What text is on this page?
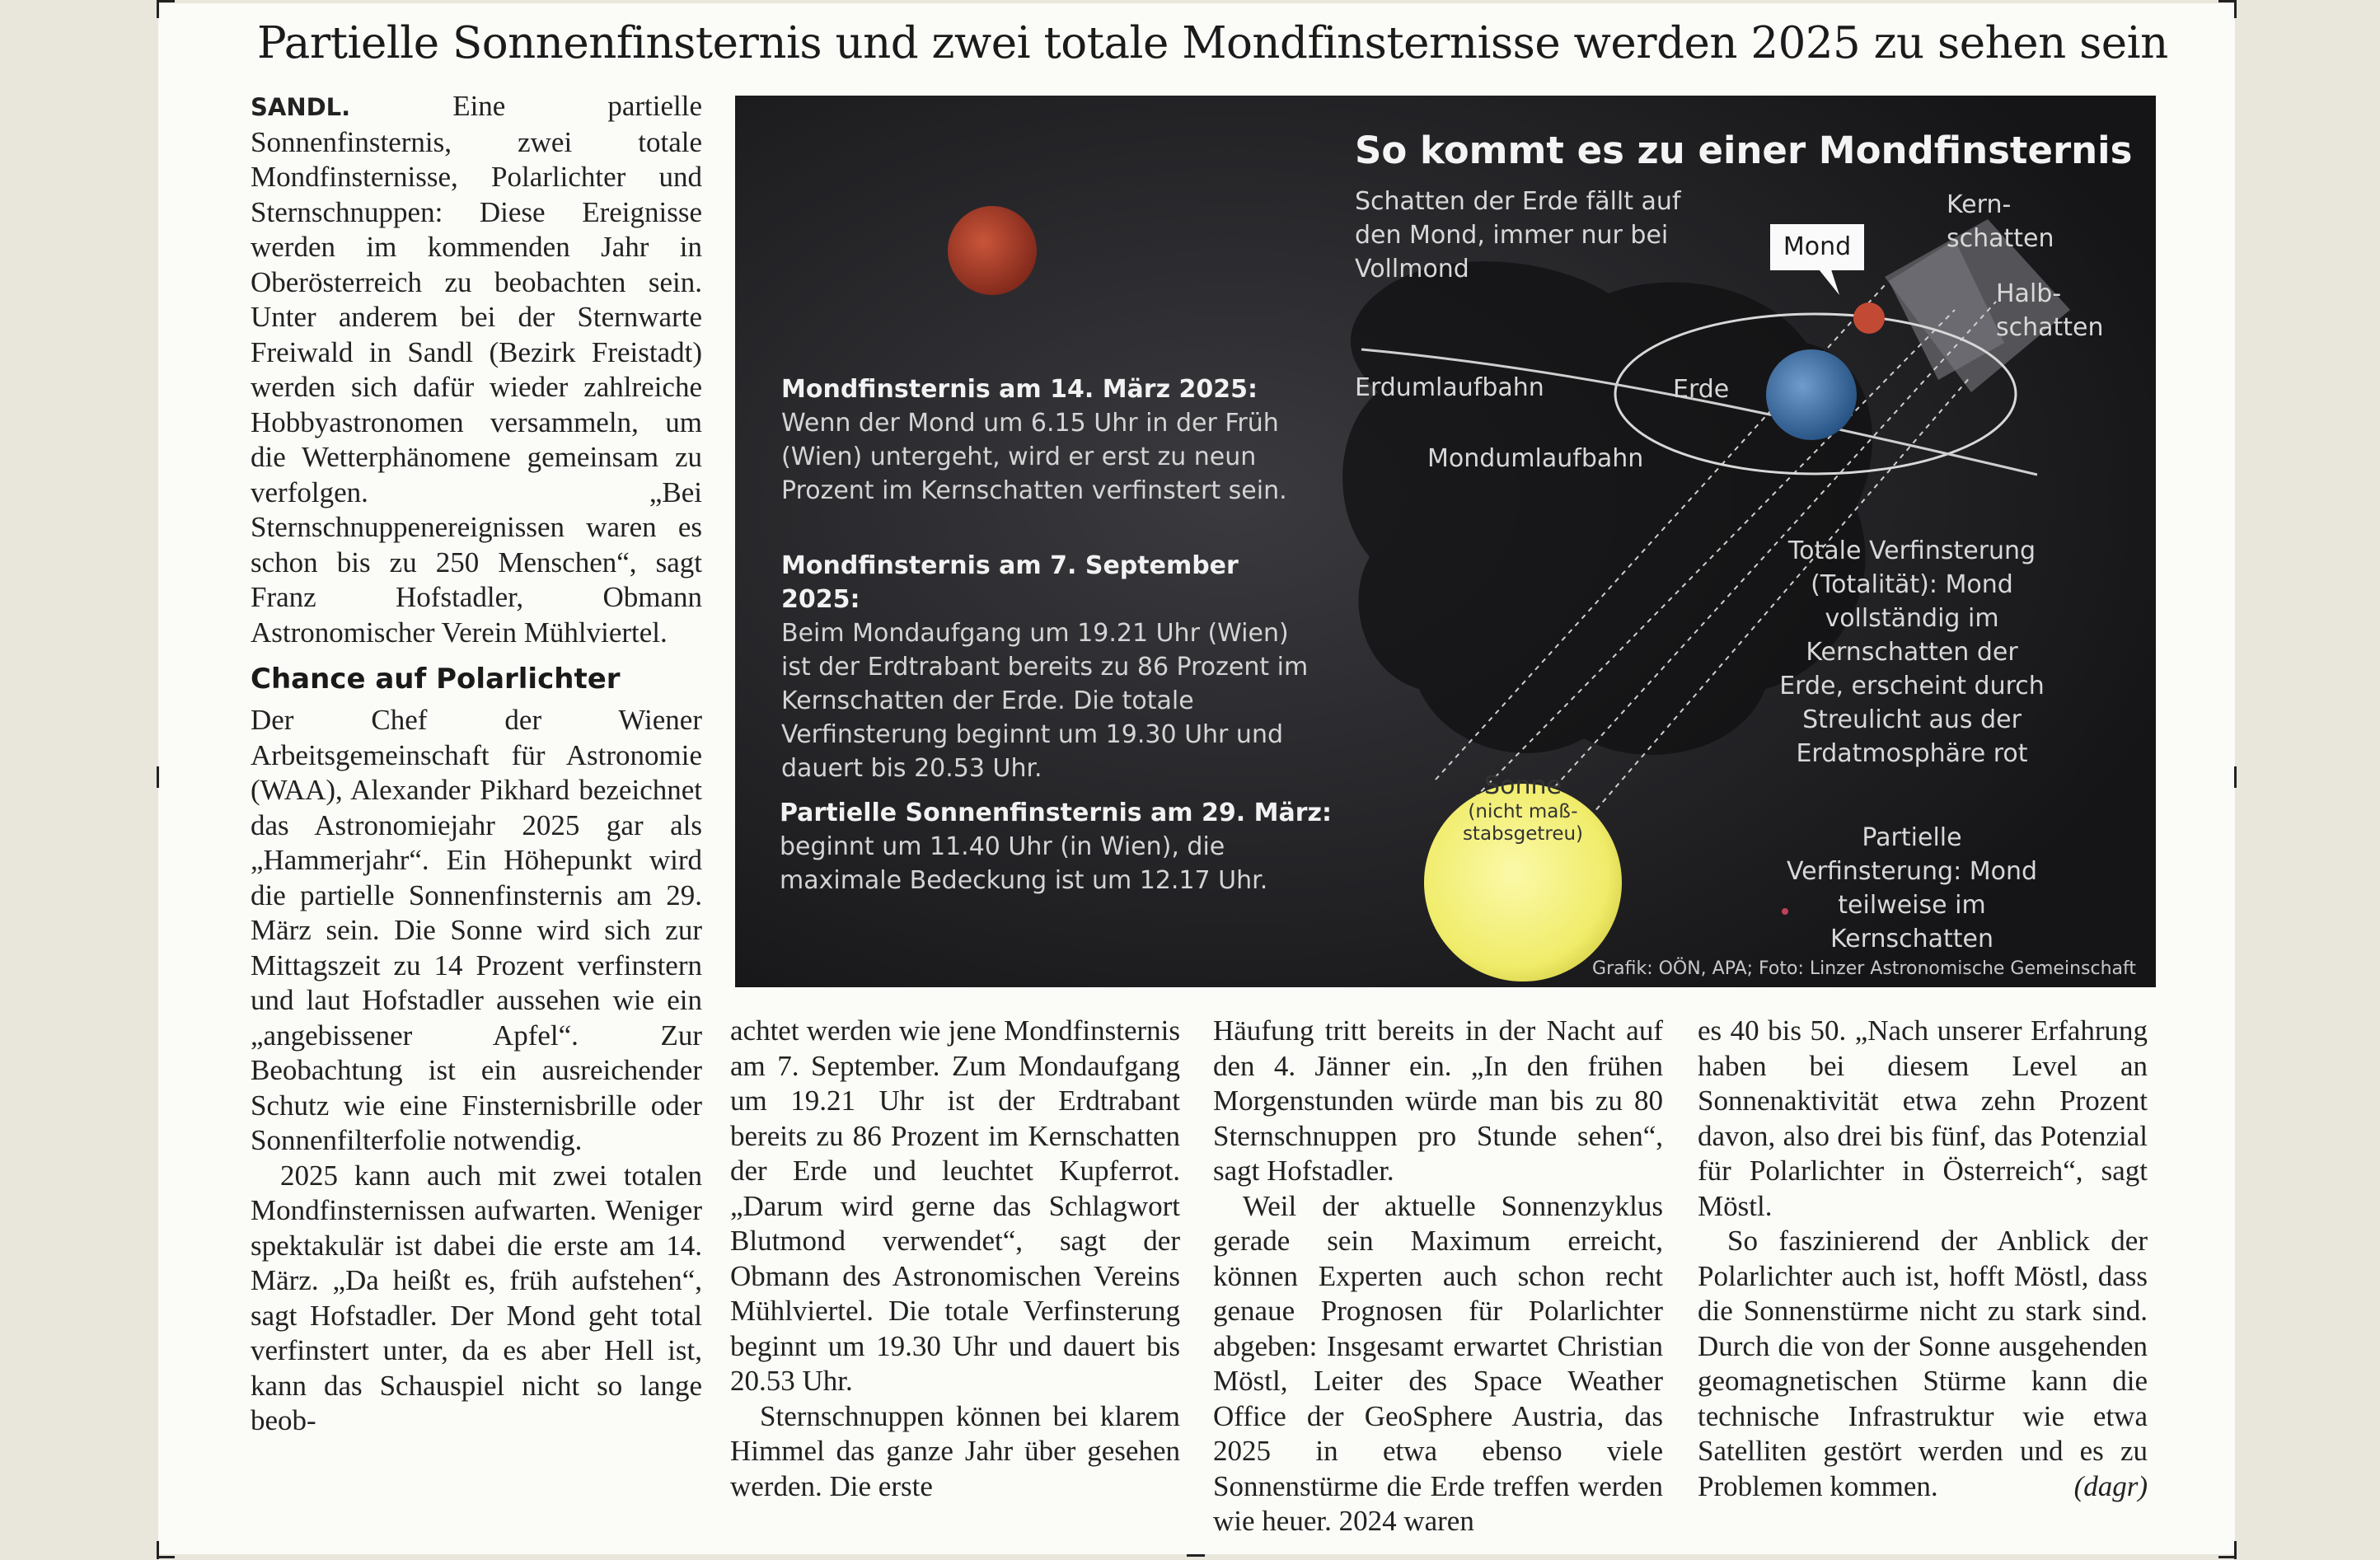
Partielle Sonnenfinsternis und zwei totale Mondfinsternisse werden 2025 zu sehen sein

SANDL.	Eine partielle Sonnenfinsternis, zwei totale Mondfinsternisse, Polarlichter und Sternschnuppen: Diese Ereignisse werden im kommenden Jahr in Oberösterreich zu beobachten sein. Unter anderem bei der Sternwarte Freiwald in Sandl (Bezirk Freistadt) werden sich dafür wieder zahlreiche Hobbyastronomen versammeln, um die Wetterphänomene gemeinsam zu verfolgen. „Bei Sternschnuppenereignissen waren es schon bis zu 250 Menschen“, sagt Franz Hofstadler, Obmann Astronomischer Verein Mühlviertel.

Chance auf Polarlichter

Der Chef der Wiener Arbeitsgemeinschaft für Astronomie (WAA), Alexander Pikhard bezeichnet das Astronomiejahr 2025 gar als „Hammerjahr“. Ein Höhepunkt wird die partielle Sonnenfinsternis am 29. März sein. Die Sonne wird sich zur Mittagszeit zu 14 Prozent verfinstern und laut Hofstadler aussehen wie ein „angebissener Apfel“. Zur Beobachtung ist ein ausreichender Schutz wie eine Finsternisbrille oder Sonnenfilterfolie notwendig.

2025 kann auch mit zwei totalen Mondfinsternissen aufwarten. Weniger spektakulär ist dabei die erste am 14. März. „Da heißt es, früh aufstehen“, sagt Hofstadler. Der Mond geht total verfinstert unter, da es aber Hell ist, kann das Schauspiel nicht so lange beob-

achtet werden wie jene Mondfinsternis am 7. September. Zum Mondaufgang um 19.21 Uhr ist der Erdtrabant bereits zu 86 Prozent im Kernschatten der Erde und leuchtet Kupferrot. „Darum wird gerne das Schlagwort Blutmond verwendet“, sagt der Obmann des Astronomischen Vereins Mühlviertel. Die totale Verfinsterung beginnt um 19.30 Uhr und dauert bis 20.53 Uhr.

Sternschnuppen können bei klarem Himmel das ganze Jahr über gesehen werden. Die erste

Häufung tritt bereits in der Nacht auf den 4. Jänner ein. „In den frühen Morgenstunden würde man bis zu 80 Sternschnuppen pro Stunde sehen“, sagt Hofstadler.

Weil der aktuelle Sonnenzyklus gerade sein Maximum erreicht, können Experten auch schon recht genaue Prognosen für Polarlichter abgeben: Insgesamt erwartet Christian Möstl, Leiter des Space Weather Office der GeoSphere Austria, das 2025 in etwa ebenso viele Sonnenstürme die Erde treffen werden wie heuer. 2024 waren

es 40 bis 50. „Nach unserer Erfahrung haben bei diesem Level an Sonnenaktivität etwa zehn Prozent davon, also drei bis fünf, das Potenzial für Polarlichter in Österreich“, sagt Möstl.

So faszinierend der Anblick der Polarlichter auch ist, hofft Möstl, dass die Sonnenstürme nicht zu stark sind. Durch die von der Sonne ausgehenden geomagnetischen Stürme kann die technische Infrastruktur wie etwa Satelliten gestört werden und es zu Problemen kommen.	(dagr)

So kommt es zu einer Mondfinsternis
Schatten der Erde fällt auf den Mond, immer nur bei Vollmond
Mond
Kern-
schatten
Halb-
schatten
Erdumlaufbahn	Erde
Mondumlaufbahn
Totale Verfinsterung (Totalität): Mond vollständig im Kernschatten der Erde, erscheint durch Streulicht aus der Erdatmosphäre rot
Partielle Verfinsterung: Mond teilweise im Kernschatten
Sonne
(nicht maß-
stabsgetreu)
Mondfinsternis am 14. März 2025:
Wenn der Mond um 6.15 Uhr in der Früh (Wien) untergeht, wird er erst zu neun Prozent im Kernschatten verfinstert sein.
Mondfinsternis am 7. September 2025:
Beim Mondaufgang um 19.21 Uhr (Wien) ist der Erdtrabant bereits zu 86 Prozent im Kernschatten der Erde. Die totale Verfinsterung beginnt um 19.30 Uhr und dauert bis 20.53 Uhr.
Partielle Sonnenfinsternis am 29. März:
beginnt um 11.40 Uhr (in Wien), die maximale Bedeckung ist um 12.17 Uhr.
Grafik: OÖN, APA; Foto: Linzer Astronomische Gemeinschaft
